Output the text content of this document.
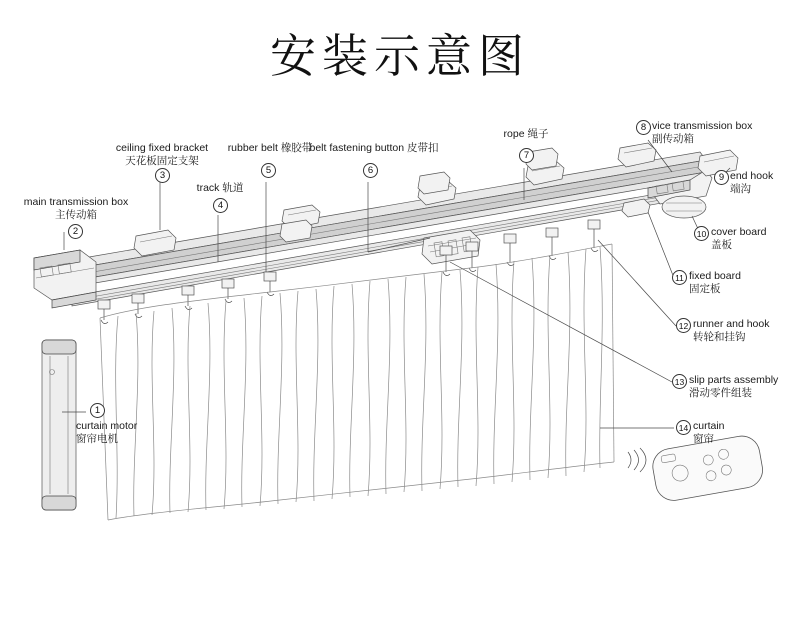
安装示意图
main transmission box
主传动箱
2
ceiling fixed bracket
天花板固定支架
3
track 轨道
4
rubber belt 橡胶带
5
belt fastening button 皮带扣
6
rope 绳子
7
vice transmission box
副传动箱
8
end hook
端沟
9
cover board
盖板
10
fixed board
固定板
11
runner and hook
转轮和挂钩
12
slip parts assembly
滑动零件组装
13
curtain
窗帘
14
curtain motor
窗帘电机
1
